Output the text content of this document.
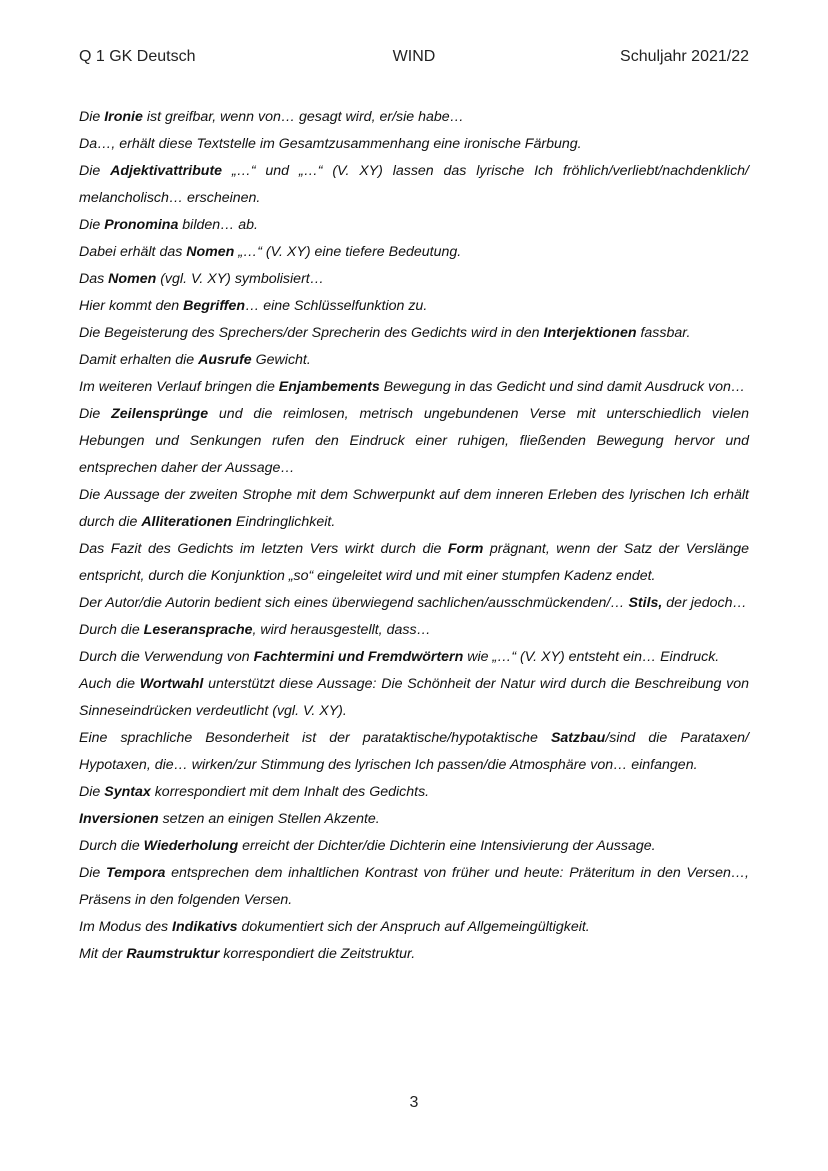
Q 1 GK Deutsch	WIND	Schuljahr 2021/22

Die Ironie ist greifbar, wenn von… gesagt wird, er/sie habe…

Da…, erhält diese Textstelle im Gesamtzusammenhang eine ironische Färbung.

Die Adjektivattribute „…“ und „…“ (V. XY) lassen das lyrische Ich fröhlich/verliebt/nachdenklich/ melancholisch… erscheinen.

Die Pronomina bilden… ab.

Dabei erhält das Nomen „…“ (V. XY) eine tiefere Bedeutung.

Das Nomen (vgl. V. XY) symbolisiert…

Hier kommt den Begriffen… eine Schlüsselfunktion zu.

Die Begeisterung des Sprechers/der Sprecherin des Gedichts wird in den Interjektionen fassbar.

Damit erhalten die Ausrufe Gewicht.

Im weiteren Verlauf bringen die Enjambements Bewegung in das Gedicht und sind damit Ausdruck von…

Die Zeilensprünge und die reimlosen, metrisch ungebundenen Verse mit unterschiedlich vielen Hebungen und Senkungen rufen den Eindruck einer ruhigen, fließenden Bewegung hervor und entsprechen daher der Aussage…

Die Aussage der zweiten Strophe mit dem Schwerpunkt auf dem inneren Erleben des lyrischen Ich erhält durch die Alliterationen Eindringlichkeit.

Das Fazit des Gedichts im letzten Vers wirkt durch die Form prägnant, wenn der Satz der Verslänge entspricht, durch die Konjunktion „so“ eingeleitet wird und mit einer stumpfen Kadenz endet.

Der Autor/die Autorin bedient sich eines überwiegend sachlichen/ausschmückenden/… Stils, der jedoch…

Durch die Leseransprache, wird herausgestellt, dass…

Durch die Verwendung von Fachtermini und Fremdwörtern wie „…“ (V. XY) entsteht ein… Eindruck.

Auch die Wortwahl unterstützt diese Aussage: Die Schönheit der Natur wird durch die Beschreibung von Sinneseindrücken verdeutlicht (vgl. V. XY).

Eine sprachliche Besonderheit ist der parataktische/hypotaktische Satzbau/sind die Parataxen/ Hypotaxen, die… wirken/zur Stimmung des lyrischen Ich passen/die Atmosphäre von… einfangen.

Die Syntax korrespondiert mit dem Inhalt des Gedichts.

Inversionen setzen an einigen Stellen Akzente.

Durch die Wiederholung erreicht der Dichter/die Dichterin eine Intensivierung der Aussage.

Die Tempora entsprechen dem inhaltlichen Kontrast von früher und heute: Präteritum in den Versen…, Präsens in den folgenden Versen.

Im Modus des Indikativs dokumentiert sich der Anspruch auf Allgemeingültigkeit.

Mit der Raumstruktur korrespondiert die Zeitstruktur.

3
